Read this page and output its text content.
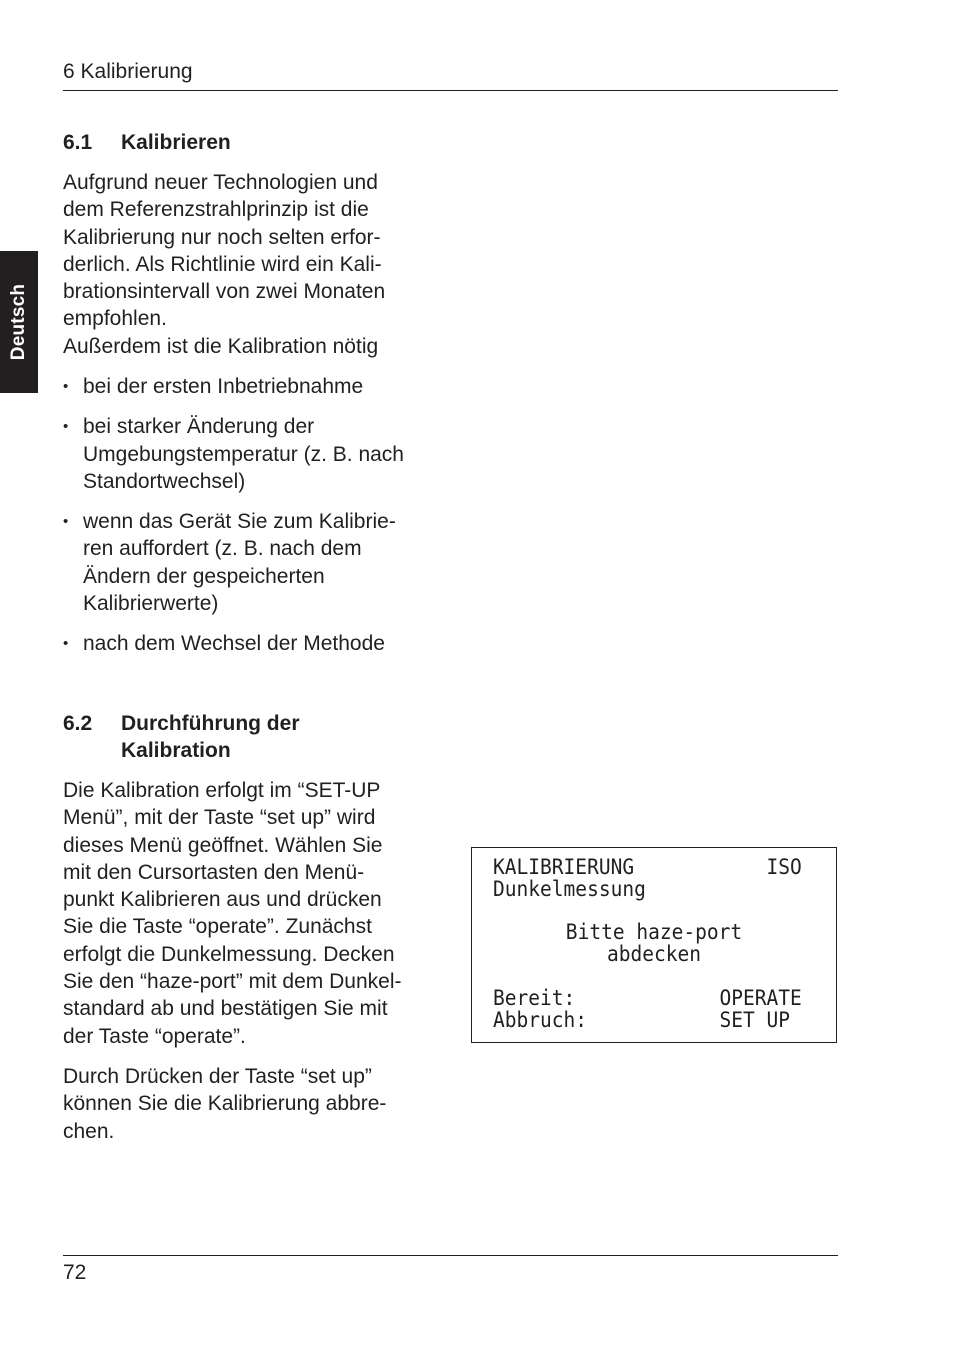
6 Kalibrierung
Deutsch
6.1	Kalibrieren
Aufgrund neuer Technologien und
dem Referenzstrahlprinzip ist die
Kalibrierung nur noch selten erfor-
derlich. Als Richtlinie wird ein Kali-
brationsintervall von zwei Monaten
empfohlen.
Außerdem ist die Kalibration nötig
• bei der ersten Inbetriebnahme
• bei starker Änderung der
Umgebungstemperatur (z. B. nach
Standortwechsel)
• wenn das Gerät Sie zum Kalibrie-
ren auffordert (z. B. nach dem
Ändern der gespeicherten
Kalibrierwerte)
• nach dem Wechsel der Methode
6.2	Durchführung der
Kalibration
Die Kalibration erfolgt im “SET-UP
Menü”, mit der Taste “set up” wird
dieses Menü geöffnet. Wählen Sie
mit den Cursortasten den Menü-
punkt Kalibrieren aus und drücken
Sie die Taste “operate”. Zunächst
erfolgt die Dunkelmessung. Decken
Sie den “haze-port” mit dem Dunkel-
standard ab und bestätigen Sie mit
der Taste “operate”.
Durch Drücken der Taste “set up”
können Sie die Kalibrierung abbre-
chen.
KALIBRIERUNG	ISO
Dunkelmessung
Bitte haze-port
abdecken
Bereit:	OPERATE
Abbruch:	SET UP
72
